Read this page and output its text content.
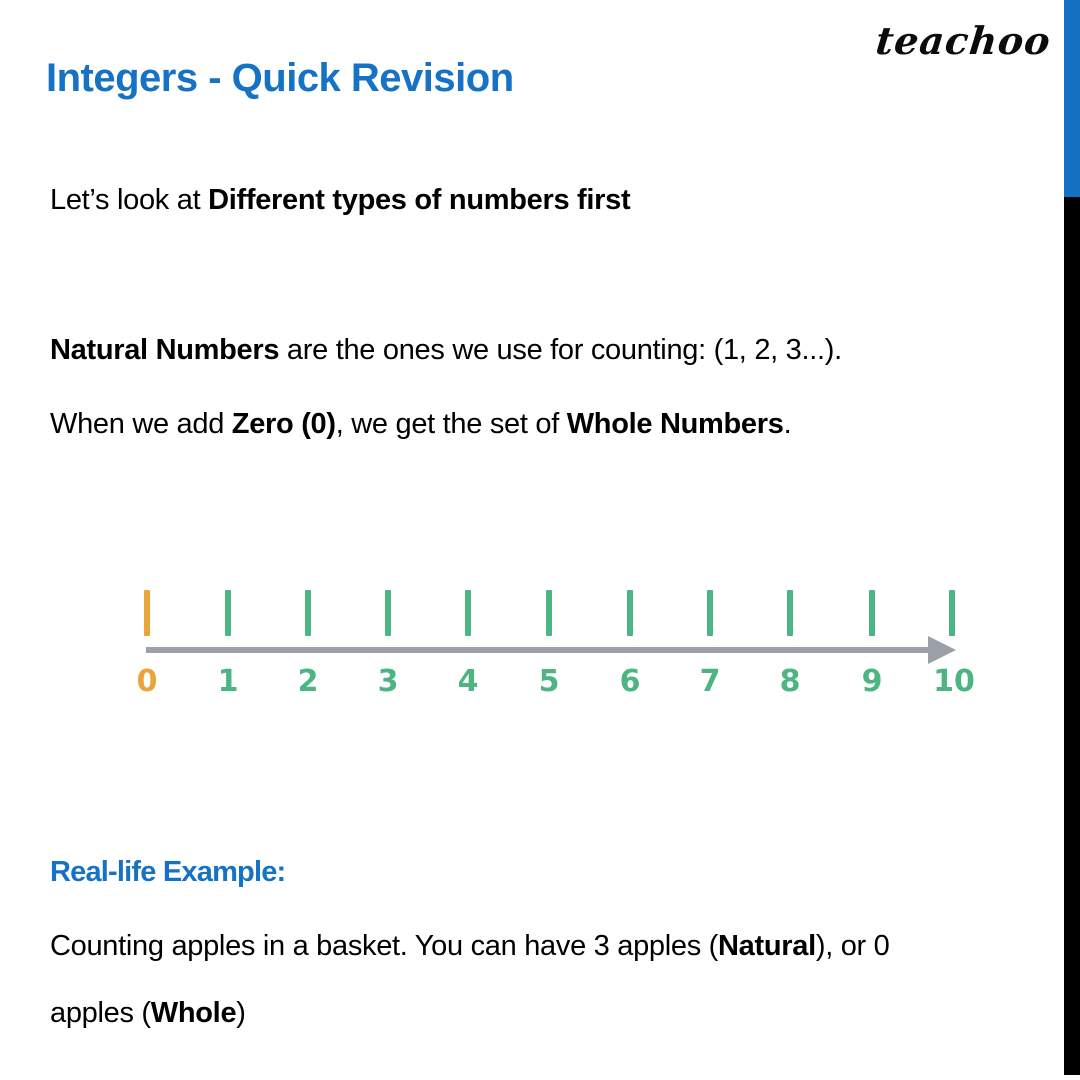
teachoo
Integers - Quick Revision
Let’s look at Different types of numbers first
Natural Numbers are the ones we use for counting: (1, 2, 3...).
When we add Zero (0), we get the set of Whole Numbers.
0	1	2	3	4	5	6	7	8	9	10
Real-life Example:
Counting apples in a basket. You can have 3 apples (Natural), or 0
apples (Whole)
